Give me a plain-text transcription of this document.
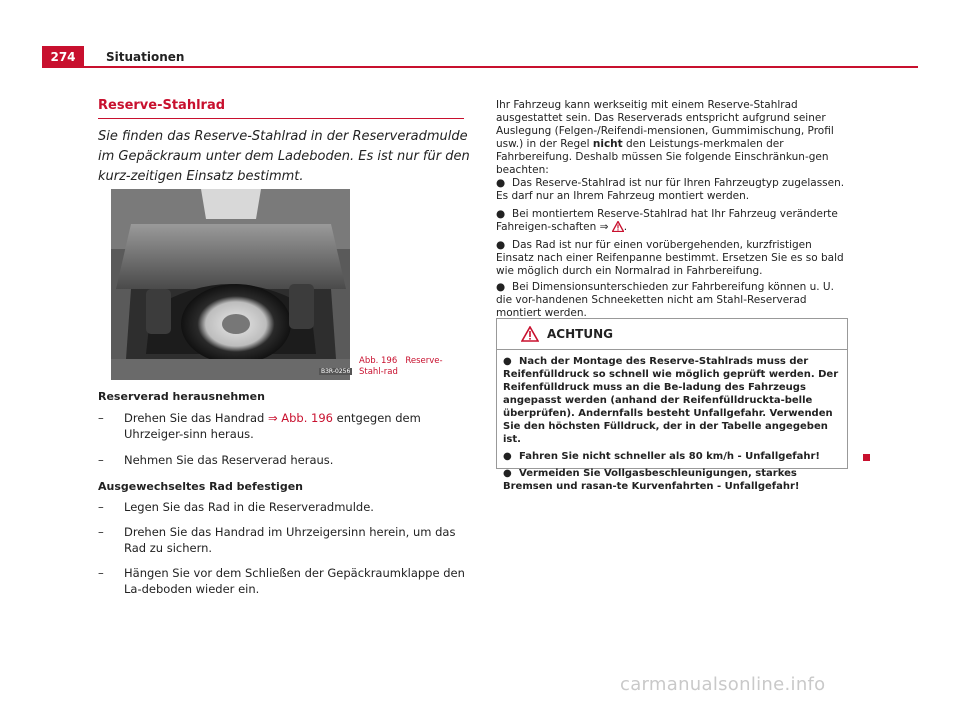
274	Situationen
Reserve-Stahlrad
Sie finden das Reserve-Stahlrad in der Reserveradmulde im Gepäckraum unter dem Ladeboden. Es ist nur für den kurz-zeitigen Einsatz bestimmt.
B3R-0256
Abb. 196 Reserve-Stahl-rad
Reserverad herausnehmen
– Drehen Sie das Handrad ⇒ Abb. 196 entgegen dem Uhrzeiger-sinn heraus.
– Nehmen Sie das Reserverad heraus.
Ausgewechseltes Rad befestigen
– Legen Sie das Rad in die Reserveradmulde.
– Drehen Sie das Handrad im Uhrzeigersinn herein, um das Rad zu sichern.
– Hängen Sie vor dem Schließen der Gepäckraumklappe den La-deboden wieder ein.
Ihr Fahrzeug kann werkseitig mit einem Reserve-Stahlrad ausgestattet sein. Das Reserverads entspricht aufgrund seiner Auslegung (Felgen-/Reifendi-mensionen, Gummimischung, Profil usw.) in der Regel nicht den Leistungs-merkmalen der Fahrbereifung. Deshalb müssen Sie folgende Einschränkun-gen beachten:
● Das Reserve-Stahlrad ist nur für Ihren Fahrzeugtyp zugelassen. Es darf nur an Ihrem Fahrzeug montiert werden.
● Bei montiertem Reserve-Stahlrad hat Ihr Fahrzeug veränderte Fahreigen-schaften ⇒ .
● Das Rad ist nur für einen vorübergehenden, kurzfristigen Einsatz nach einer Reifenpanne bestimmt. Ersetzen Sie es so bald wie möglich durch ein Normalrad in Fahrbereifung.
● Bei Dimensionsunterschieden zur Fahrbereifung können u. U. die vor-handenen Schneeketten nicht am Stahl-Reserverad montiert werden.
ACHTUNG

● Nach der Montage des Reserve-Stahlrads muss der Reifenfülldruck so schnell wie möglich geprüft werden. Der Reifenfülldruck muss an die Be-ladung des Fahrzeugs angepasst werden (anhand der Reifenfülldruckta-belle überprüfen). Andernfalls besteht Unfallgefahr. Verwenden Sie den höchsten Fülldruck, der in der Tabelle angegeben ist.

● Fahren Sie nicht schneller als 80 km/h - Unfallgefahr!

● Vermeiden Sie Vollgasbeschleunigungen, starkes Bremsen und rasan-te Kurvenfahrten - Unfallgefahr!

carmanualsonline.info
